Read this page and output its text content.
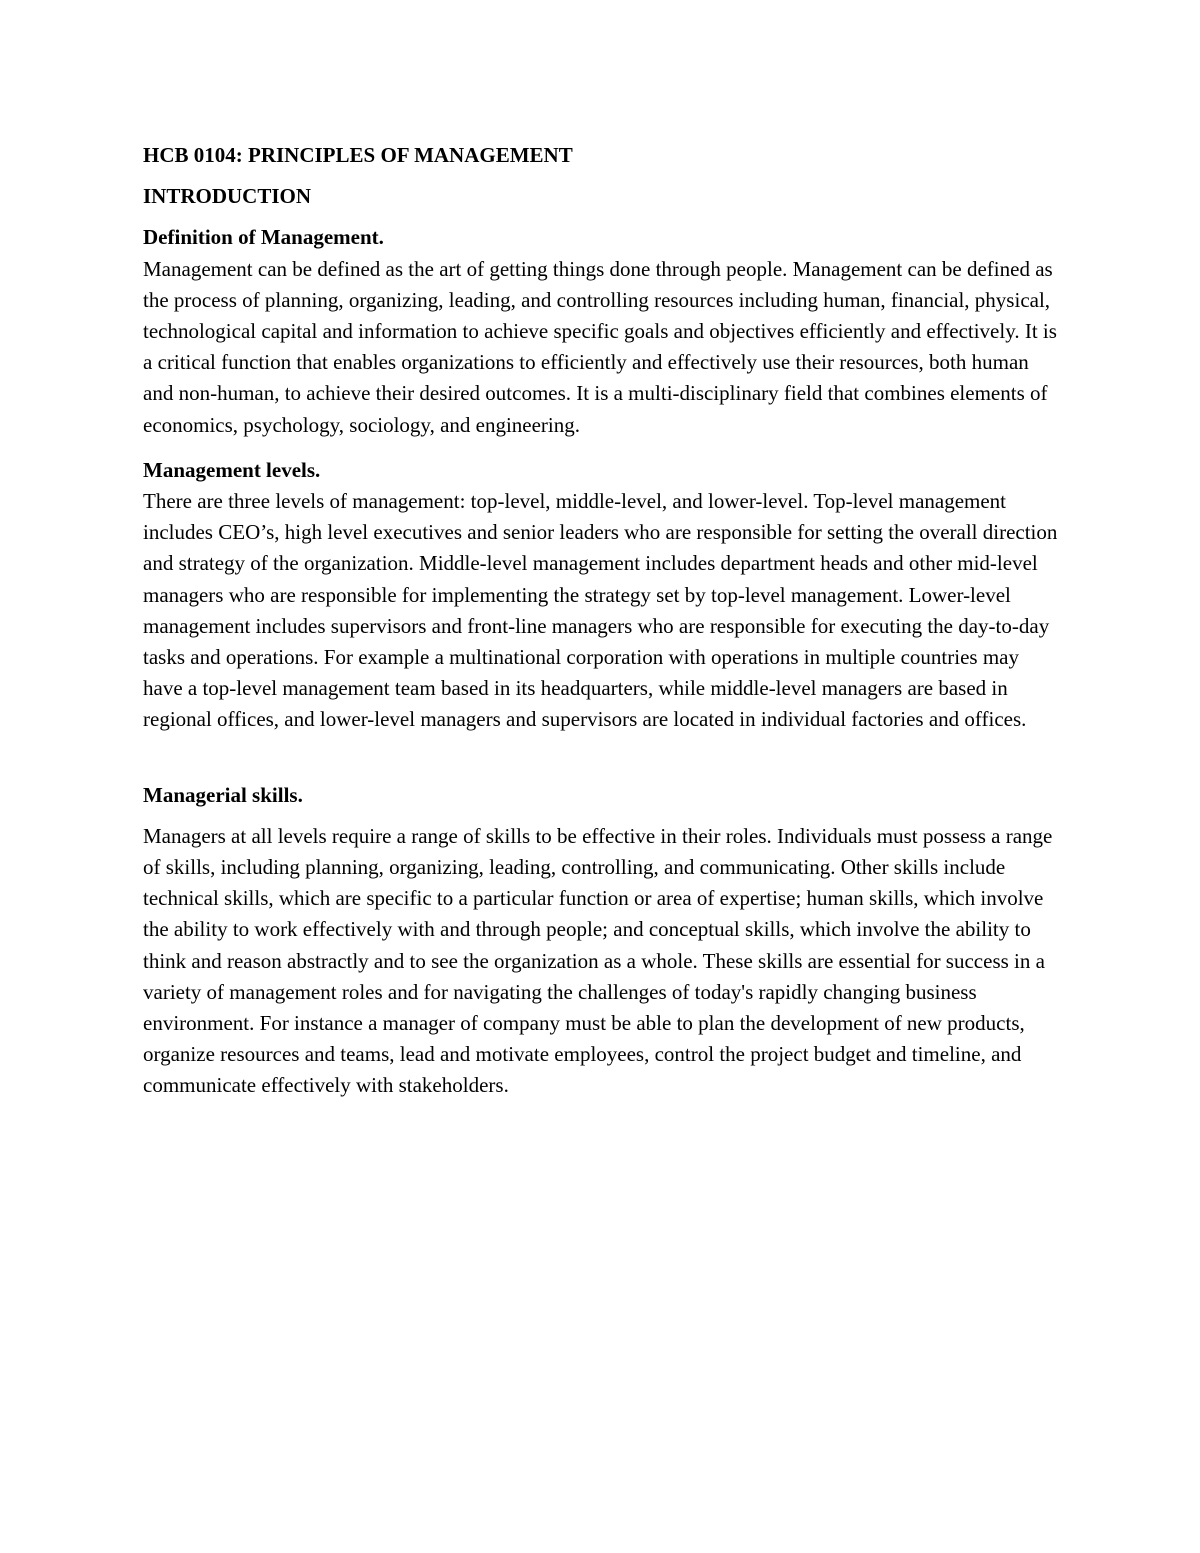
HCB 0104: PRINCIPLES OF MANAGEMENT

INTRODUCTION

Definition of Management.

Management can be defined as the art of getting things done through people. Management can be defined as the process of planning, organizing, leading, and controlling resources including human, financial, physical, technological capital and information to achieve specific goals and objectives efficiently and effectively. It is a critical function that enables organizations to efficiently and effectively use their resources, both human and non-human, to achieve their desired outcomes. It is a multi-disciplinary field that combines elements of economics, psychology, sociology, and engineering.

Management levels.

There are three levels of management: top-level, middle-level, and lower-level. Top-level management includes CEO’s, high level executives and senior leaders who are responsible for setting the overall direction and strategy of the organization. Middle-level management includes department heads and other mid-level managers who are responsible for implementing the strategy set by top-level management. Lower-level management includes supervisors and front-line managers who are responsible for executing the day-to-day tasks and operations. For example a multinational corporation with operations in multiple countries may have a top-level management team based in its headquarters, while middle-level managers are based in regional offices, and lower-level managers and supervisors are located in individual factories and offices.

Managerial skills.

Managers at all levels require a range of skills to be effective in their roles. Individuals must possess a range of skills, including planning, organizing, leading, controlling, and communicating. Other skills include technical skills, which are specific to a particular function or area of expertise; human skills, which involve the ability to work effectively with and through people; and conceptual skills, which involve the ability to think and reason abstractly and to see the organization as a whole. These skills are essential for success in a variety of management roles and for navigating the challenges of today's rapidly changing business environment. For instance a manager of company must be able to plan the development of new products, organize resources and teams, lead and motivate employees, control the project budget and timeline, and communicate effectively with stakeholders.
